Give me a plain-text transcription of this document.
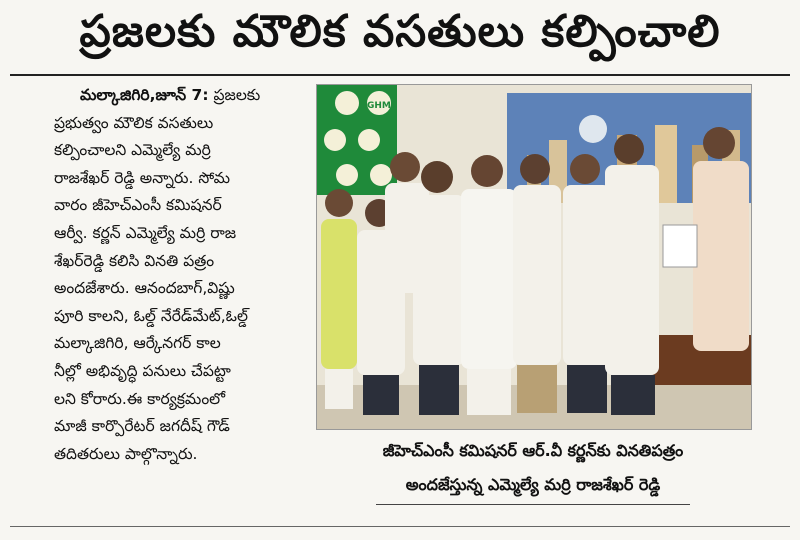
ప్రజలకు మౌలిక వసతులు కల్పించాలి
మల్కాజిగిరి,జూన్ 7: ప్రజలకు
ప్రభుత్వం మౌలిక వసతులు
కల్పించాలని ఎమ్మెల్యే మర్రి
రాజశేఖర్ రెడ్డి అన్నారు. సోమ
వారం జీహెచ్ఎంసీ కమిషనర్
ఆర్వీ. కర్ణన్ ఎమ్మెల్యే మర్రి రాజ
శేఖర్‌రెడ్డి కలిసి వినతి పత్రం
అందజేశారు. ఆనందబాగ్,విష్ణు
పూరి కాలని, ఓల్డ్ నేరేడ్‌మేట్,ఓల్డ్
మల్కాజిగిరి, ఆర్కేనగర్ కాల
నీల్లో అభివృద్ధి పనులు చేపట్టా
లని కోరారు.ఈ కార్యక్రమంలో
మాజీ కార్పొరేటర్ జగదీష్ గౌడ్
తదితరులు పాల్గొన్నారు.
GHMC
జీహెచ్ఎంసీ కమిషనర్ ఆర్.వీ కర్ణన్‌కు వినతిపత్రం
అందజేస్తున్న ఎమ్మెల్యే మర్రి రాజశేఖర్ రెడ్డి
